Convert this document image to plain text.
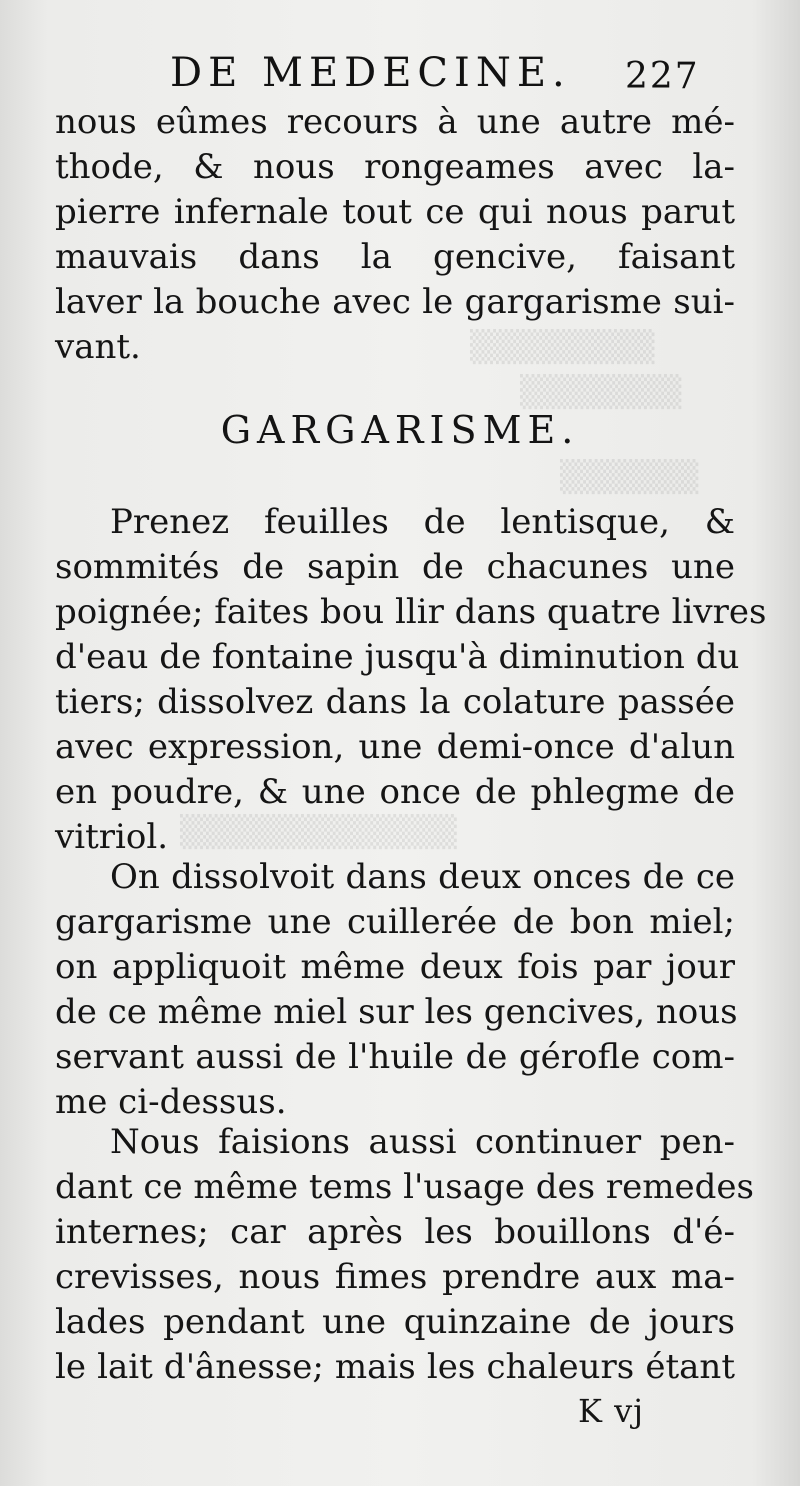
▒▒▒▒▒▒▒▒
▒▒▒▒▒▒▒
▒▒▒▒▒▒
▒▒▒▒▒▒▒▒▒▒▒▒
DE MEDECINE. 227
nous eûmes recours à une autre mé-
thode, & nous rongeames avec la-
pierre infernale tout ce qui nous parut
mauvais dans la gencive, faisant
laver la bouche avec le gargarisme sui-
vant.
GARGARISME.
Prenez feuilles de lentisque, &
sommités de sapin de chacunes une
poignée; faites bou llir dans quatre livres
d'eau de fontaine jusqu'à diminution du
tiers; dissolvez dans la colature passée
avec expression, une demi-once d'alun
en poudre, & une once de phlegme de
vitriol.
On dissolvoit dans deux onces de ce
gargarisme une cuillerée de bon miel;
on appliquoit même deux fois par jour
de ce même miel sur les gencives, nous
servant aussi de l'huile de gérofle com-
me ci-dessus.
Nous faisions aussi continuer pen-
dant ce même tems l'usage des remedes
internes; car après les bouillons d'é-
crevisses, nous fimes prendre aux ma-
lades pendant une quinzaine de jours
le lait d'ânesse; mais les chaleurs étant
K vj
